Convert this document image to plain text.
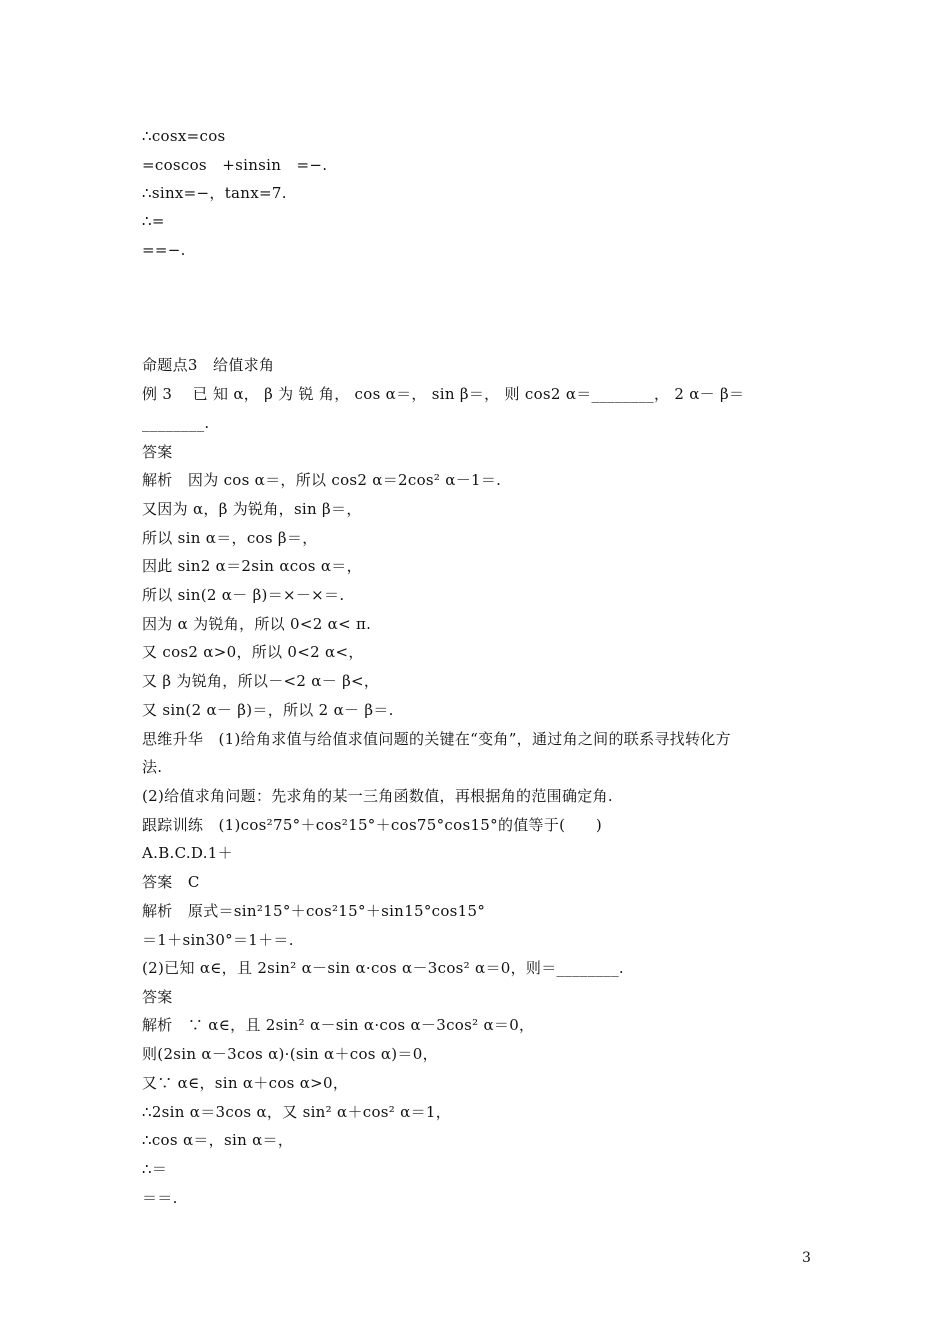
∴cosx=cos
=coscos　+sinsin　=−.
∴sinx=−，tanx=7.
∴=
==−.
命题点3　给值求角
例 3　 已 知 α， β 为 锐 角， cos α＝， sin β＝， 则 cos2 α＝________， 2 α－ β＝
________.
答案
解析　因为 cos α＝，所以 cos2 α＝2cos² α－1＝.
又因为 α，β 为锐角，sin β＝，
所以 sin α＝，cos β＝，
因此 sin2 α＝2sin αcos α＝，
所以 sin(2 α－ β)＝×－×＝.
因为 α 为锐角，所以 0<2 α< π.
又 cos2 α>0，所以 0<2 α<，
又 β 为锐角，所以－<2 α－ β<，
又 sin(2 α－ β)＝，所以 2 α－ β＝.
思维升华　(1)给角求值与给值求值问题的关键在“变角”，通过角之间的联系寻找转化方
法.
(2)给值求角问题：先求角的某一三角函数值，再根据角的范围确定角.
跟踪训练　(1)cos²75°＋cos²15°＋cos75°cos15°的值等于(　　)
A.B.C.D.1＋
答案　C
解析　原式＝sin²15°＋cos²15°＋sin15°cos15°
＝1＋sin30°＝1＋＝.
(2)已知 α∈，且 2sin² α－sin α·cos α－3cos² α＝0，则＝________.
答案
解析　∵ α∈，且 2sin² α－sin α·cos α－3cos² α＝0，
则(2sin α－3cos α)·(sin α＋cos α)＝0，
又∵ α∈，sin α＋cos α>0，
∴2sin α＝3cos α，又 sin² α＋cos² α＝1，
∴cos α＝，sin α＝，
∴＝
＝＝.
3
